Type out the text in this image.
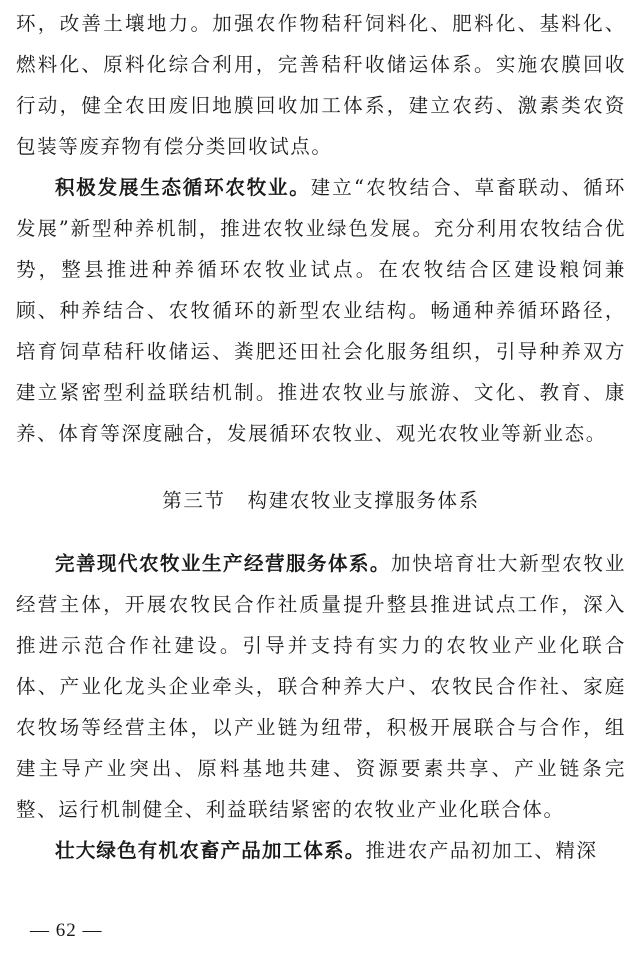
环，改善土壤地力。加强农作物秸秆饲料化、肥料化、基料化、燃料化、原料化综合利用，完善秸秆收储运体系。实施农膜回收行动，健全农田废旧地膜回收加工体系，建立农药、激素类农资包装等废弃物有偿分类回收试点。

积极发展生态循环农牧业。建立“农牧结合、草畜联动、循环发展”新型种养机制，推进农牧业绿色发展。充分利用农牧结合优势，整县推进种养循环农牧业试点。在农牧结合区建设粮饲兼顾、种养结合、农牧循环的新型农业结构。畅通种养循环路径，培育饲草秸秆收储运、粪肥还田社会化服务组织，引导种养双方建立紧密型利益联结机制。推进农牧业与旅游、文化、教育、康养、体育等深度融合，发展循环农牧业、观光农牧业等新业态。

第三节 构建农牧业支撑服务体系

完善现代农牧业生产经营服务体系。加快培育壮大新型农牧业经营主体，开展农牧民合作社质量提升整县推进试点工作，深入推进示范合作社建设。引导并支持有实力的农牧业产业化联合体、产业化龙头企业牵头，联合种养大户、农牧民合作社、家庭农牧场等经营主体，以产业链为纽带，积极开展联合与合作，组建主导产业突出、原料基地共建、资源要素共享、产业链条完整、运行机制健全、利益联结紧密的农牧业产业化联合体。

壮大绿色有机农畜产品加工体系。推进农产品初加工、精深

— 62 —
